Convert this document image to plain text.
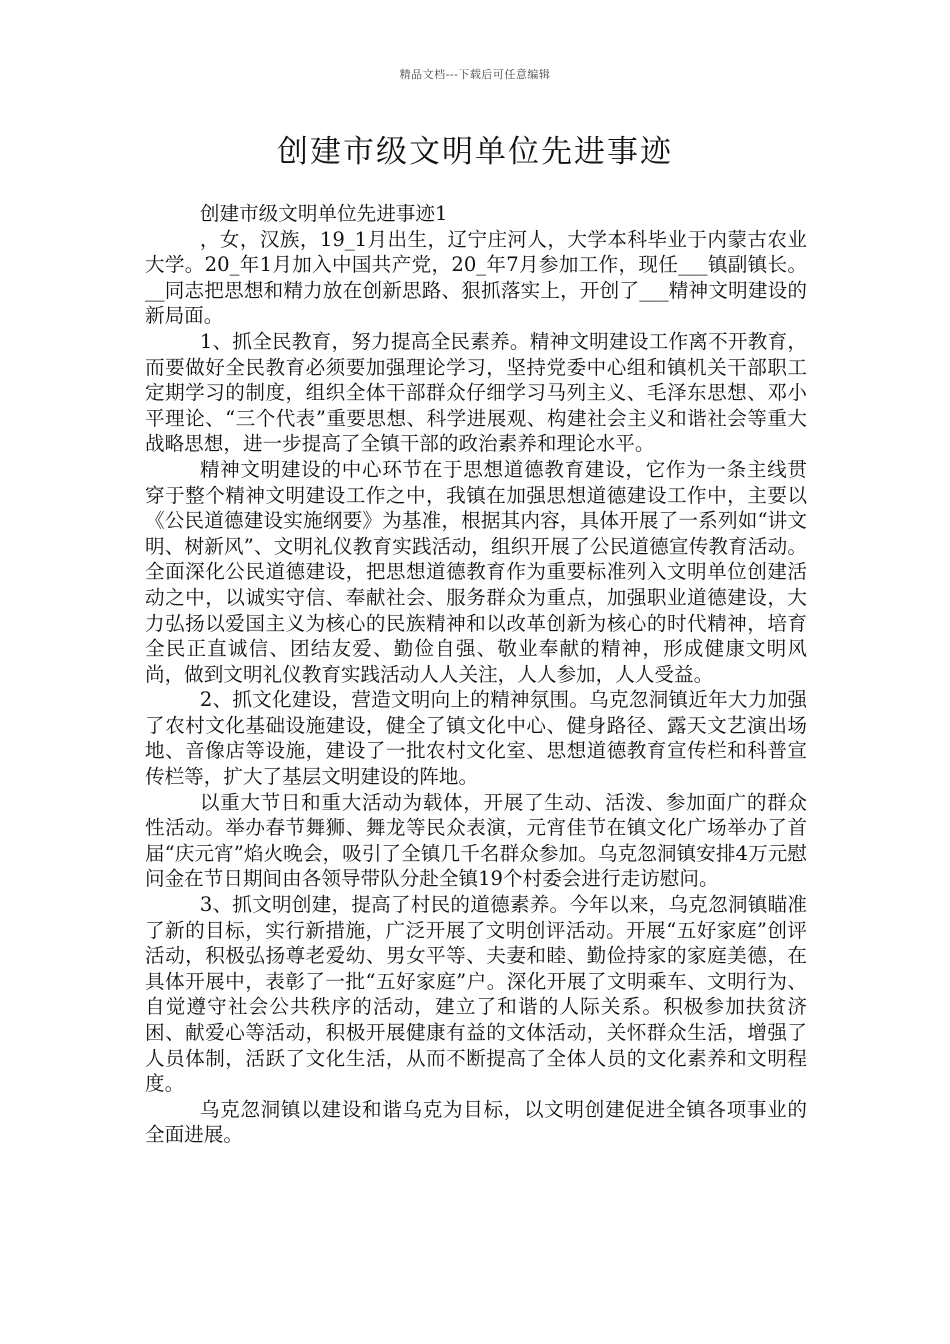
精品文档---下载后可任意编辑
创建市级文明单位先进事迹

创建市级文明单位先进事迹1

，女，汉族，19_1月出生，辽宁庄河人，大学本科毕业于内蒙古农业大学。20_年1月加入中国共产党，20_年7月参加工作，现任___镇副镇长。__同志把思想和精力放在创新思路、狠抓落实上，开创了___精神文明建设的新局面。

1、抓全民教育，努力提高全民素养。精神文明建设工作离不开教育，而要做好全民教育必须要加强理论学习，坚持党委中心组和镇机关干部职工定期学习的制度，组织全体干部群众仔细学习马列主义、毛泽东思想、邓小平理论、“三个代表”重要思想、科学进展观、构建社会主义和谐社会等重大战略思想，进一步提高了全镇干部的政治素养和理论水平。

精神文明建设的中心环节在于思想道德教育建设，它作为一条主线贯穿于整个精神文明建设工作之中，我镇在加强思想道德建设工作中，主要以《公民道德建设实施纲要》为基准，根据其内容，具体开展了一系列如“讲文明、树新风”、文明礼仪教育实践活动，组织开展了公民道德宣传教育活动。全面深化公民道德建设，把思想道德教育作为重要标准列入文明单位创建活动之中，以诚实守信、奉献社会、服务群众为重点，加强职业道德建设，大力弘扬以爱国主义为核心的民族精神和以改革创新为核心的时代精神，培育全民正直诚信、团结友爱、勤俭自强、敬业奉献的精神，形成健康文明风尚，做到文明礼仪教育实践活动人人关注，人人参加，人人受益。

2、抓文化建设，营造文明向上的精神氛围。乌克忽洞镇近年大力加强了农村文化基础设施建设，健全了镇文化中心、健身路径、露天文艺演出场地、音像店等设施，建设了一批农村文化室、思想道德教育宣传栏和科普宣传栏等，扩大了基层文明建设的阵地。

以重大节日和重大活动为载体，开展了生动、活泼、参加面广的群众性活动。举办春节舞狮、舞龙等民众表演，元宵佳节在镇文化广场举办了首届“庆元宵”焰火晚会，吸引了全镇几千名群众参加。乌克忽洞镇安排4万元慰问金在节日期间由各领导带队分赴全镇19个村委会进行走访慰问。

3、抓文明创建，提高了村民的道德素养。今年以来，乌克忽洞镇瞄准了新的目标，实行新措施，广泛开展了文明创评活动。开展“五好家庭”创评活动，积极弘扬尊老爱幼、男女平等、夫妻和睦、勤俭持家的家庭美德，在具体开展中，表彰了一批“五好家庭”户。深化开展了文明乘车、文明行为、自觉遵守社会公共秩序的活动，建立了和谐的人际关系。积极参加扶贫济困、献爱心等活动，积极开展健康有益的文体活动，关怀群众生活，增强了人员体制，活跃了文化生活，从而不断提高了全体人员的文化素养和文明程度。

乌克忽洞镇以建设和谐乌克为目标，以文明创建促进全镇各项事业的全面进展。
